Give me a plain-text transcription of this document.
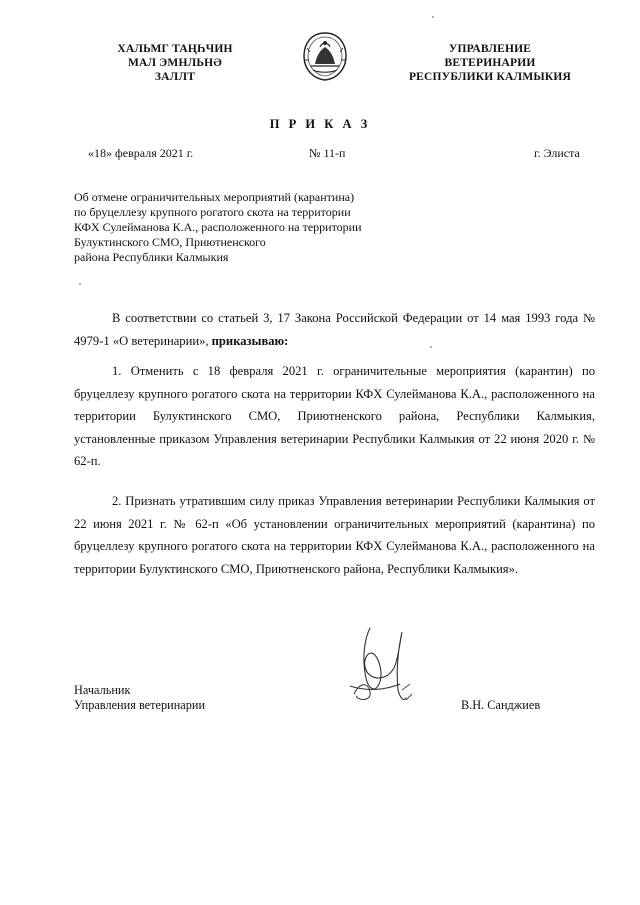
ХАЛЬМГ ТАҢҺЧИН
МАЛ ЭМНЛЬНӘ
ЗАЛЛТ
УПРАВЛЕНИЕ
ВЕТЕРИНАРИИ
РЕСПУБЛИКИ КАЛМЫКИЯ
П Р И К А З
«18» февраля 2021 г.	№ 11-п	г. Элиста
Об отмене ограничительных мероприятий (карантина)
по бруцеллезу крупного рогатого скота на территории
КФХ Сулейманова К.А., расположенного на территории
Булуктинского СМО, Приютненского
района Республики Калмыкия

В соответствии со статьей 3, 17 Закона Российской Федерации от 14 мая 1993 года № 4979-1 «О ветеринарии», приказываю:

1. Отменить с 18 февраля 2021 г. ограничительные мероприятия (карантин) по бруцеллезу крупного рогатого скота на территории КФХ Сулейманова К.А., расположенного на территории Булуктинского СМО, Приютненского района, Республики Калмыкия, установленные приказом Управления ветеринарии Республики Калмыкия от 22 июня 2020 г. № 62-п.

2. Признать утратившим силу приказ Управления ветеринарии Республики Калмыкия от 22 июня 2021 г. № 62-п «Об установлении ограничительных мероприятий (карантина) по бруцеллезу крупного рогатого скота на территории КФХ Сулейманова К.А., расположенного на территории Булуктинского СМО, Приютненского района, Республики Калмыкия».

Начальник
Управления ветеринарии	В.Н. Санджиев
